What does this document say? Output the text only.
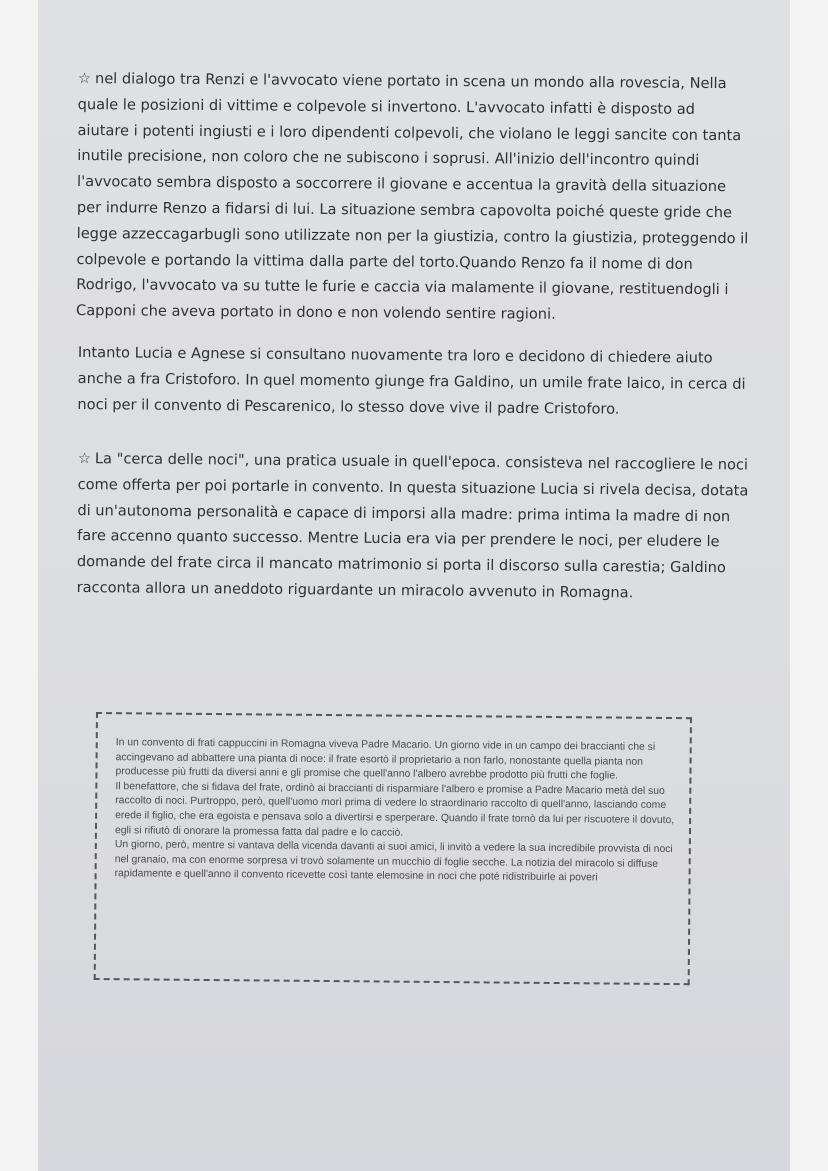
☆ nel dialogo tra Renzi e l'avvocato viene portato in scena un mondo alla rovescia, Nella quale le posizioni di vittime e colpevole si invertono. L'avvocato infatti è disposto ad aiutare i potenti ingiusti e i loro dipendenti colpevoli, che violano le leggi sancite con tanta inutile precisione, non coloro che ne subiscono i soprusi. All'inizio dell'incontro quindi l'avvocato sembra disposto a soccorrere il giovane e accentua la gravità della situazione per indurre Renzo a fidarsi di lui. La situazione sembra capovolta poiché queste gride che legge azzeccagarbugli sono utilizzate non per la giustizia, contro la giustizia, proteggendo il colpevole e portando la vittima dalla parte del torto.Quando Renzo fa il nome di don Rodrigo, l'avvocato va su tutte le furie e caccia via malamente il giovane, restituendogli i Capponi che aveva portato in dono e non volendo sentire ragioni.

Intanto Lucia e Agnese si consultano nuovamente tra loro e decidono di chiedere aiuto anche a fra Cristoforo. In quel momento giunge fra Galdino, un umile frate laico, in cerca di noci per il convento di Pescarenico, lo stesso dove vive il padre Cristoforo.

☆ La "cerca delle noci", una pratica usuale in quell'epoca. consisteva nel raccogliere le noci come offerta per poi portarle in convento. In questa situazione Lucia si rivela decisa, dotata di un'autonoma personalità e capace di imporsi alla madre: prima intima la madre di non fare accenno quanto successo. Mentre Lucia era via per prendere le noci, per eludere le domande del frate circa il mancato matrimonio si porta il discorso sulla carestia; Galdino racconta allora un aneddoto riguardante un miracolo avvenuto in Romagna.

In un convento di frati cappuccini in Romagna viveva Padre Macario. Un giorno vide in un campo dei braccianti che si accingevano ad abbattere una pianta di noce: il frate esortò il proprietario a non farlo, nonostante quella pianta non producesse più frutti da diversi anni e gli promise che quell'anno l'albero avrebbe prodotto più frutti che foglie.
Il benefattore, che si fidava del frate, ordinò ai braccianti di risparmiare l'albero e promise a Padre Macario metà del suo raccolto di noci. Purtroppo, però, quell'uomo morì prima di vedere lo straordinario raccolto di quell'anno, lasciando come erede il figlio, che era egoista e pensava solo a divertirsi e sperperare. Quando il frate tornò da lui per riscuotere il dovuto, egli si rifiutò di onorare la promessa fatta dal padre e lo cacciò.
Un giorno, però, mentre si vantava della vicenda davanti ai suoi amici, li invitò a vedere la sua incredibile provvista di noci nel granaio, ma con enorme sorpresa vi trovò solamente un mucchio di foglie secche. La notizia del miracolo si diffuse rapidamente e quell'anno il convento ricevette così tante elemosine in noci che poté ridistribuirle ai poveri
